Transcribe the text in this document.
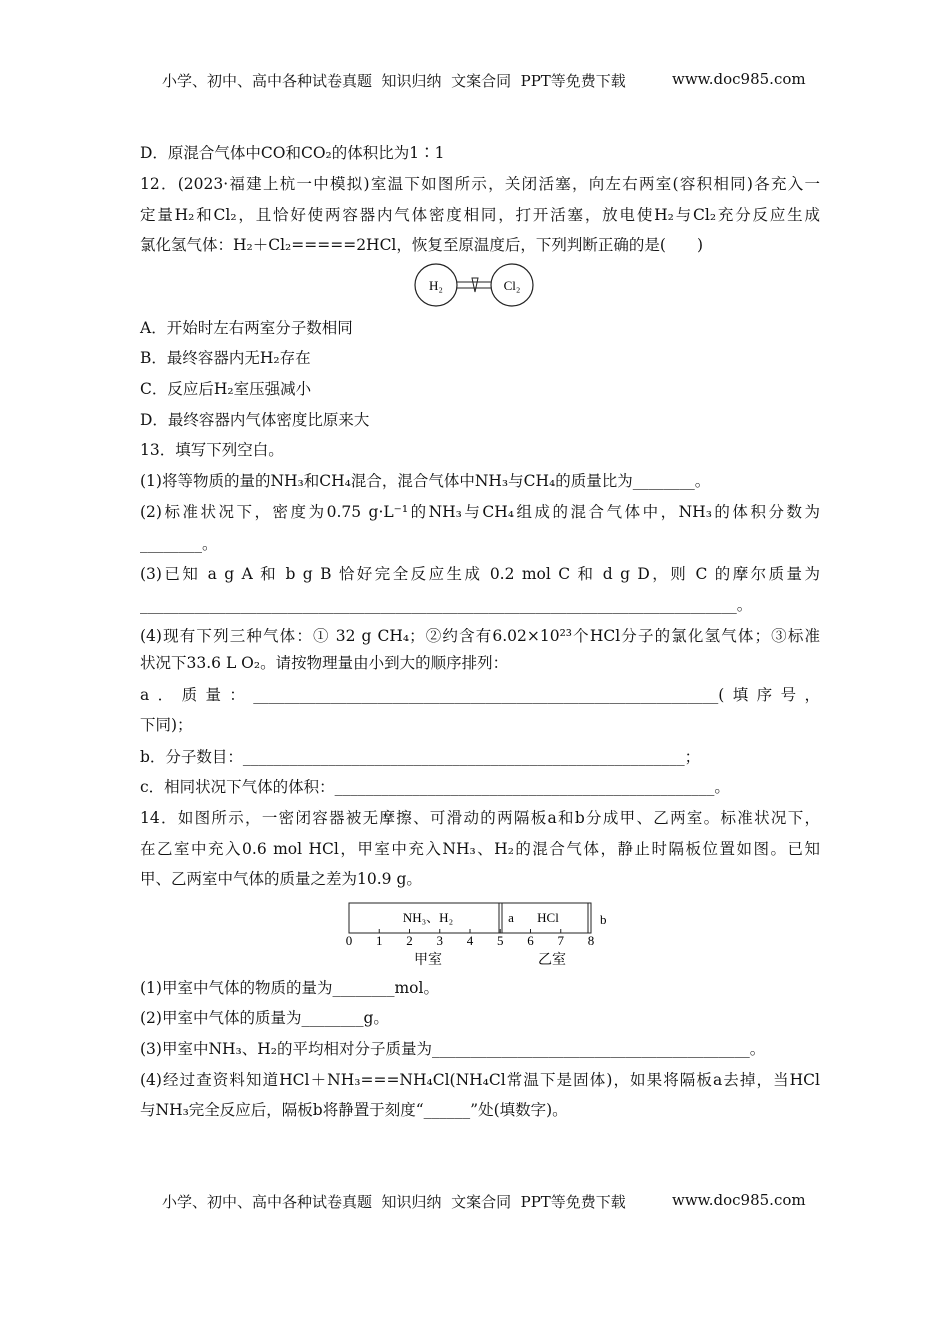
小学、初中、高中各种试卷真题  知识归纳  文案合同  PPT等免费下载	www.doc985.com
D．原混合气体中CO和CO₂的体积比为1∶1
12．(2023·福建上杭一中模拟)室温下如图所示，关闭活塞，向左右两室(容积相同)各充入一
定量H₂和Cl₂，且恰好使两容器内气体密度相同，打开活塞，放电使H₂与Cl₂充分反应生成
氯化氢气体：H₂＋Cl₂=====2HCl，恢复至原温度后，下列判断正确的是(　　)
A．开始时左右两室分子数相同
B．最终容器内无H₂存在
C．反应后H₂室压强减小
D．最终容器内气体密度比原来大
13．填写下列空白。
(1)将等物质的量的NH₃和CH₄混合，混合气体中NH₃与CH₄的质量比为________。
(2)标准状况下，密度为0.75 g·L⁻¹的NH₃与CH₄组成的混合气体中，NH₃的体积分数为
________。
(3)已知 a g A 和 b g B 恰好完全反应生成 0.2 mol C 和 d g D，则 C 的摩尔质量为
_____________________________________________________________________________。
(4)现有下列三种气体：① 32 g CH₄；②约含有6.02×10²³个HCl分子的氯化氢气体；③标准
状况下33.6 L O₂。请按物理量由小到大的顺序排列：
a．质量：____________________________________________________________(填序号，
下同)；
b．分子数目：_________________________________________________________；
c．相同状况下气体的体积：_________________________________________________。
14．如图所示，一密闭容器被无摩擦、可滑动的两隔板a和b分成甲、乙两室。标准状况下，
在乙室中充入0.6 mol HCl，甲室中充入NH₃、H₂的混合气体，静止时隔板位置如图。已知
甲、乙两室中气体的质量之差为10.9 g。
(1)甲室中气体的物质的量为________mol。
(2)甲室中气体的质量为________g。
(3)甲室中NH₃、H₂的平均相对分子质量为_________________________________________。
(4)经过查资料知道HCl＋NH₃===NH₄Cl(NH₄Cl常温下是固体)，如果将隔板a去掉，当HCl
与NH₃完全反应后，隔板b将静置于刻度“______”处(填数字)。
H₂	Cl₂
NH₃、H₂	a HCl	b
0 1 2 3 4 5 6 7 8
甲室	乙室
小学、初中、高中各种试卷真题  知识归纳  文案合同  PPT等免费下载	www.doc985.com
